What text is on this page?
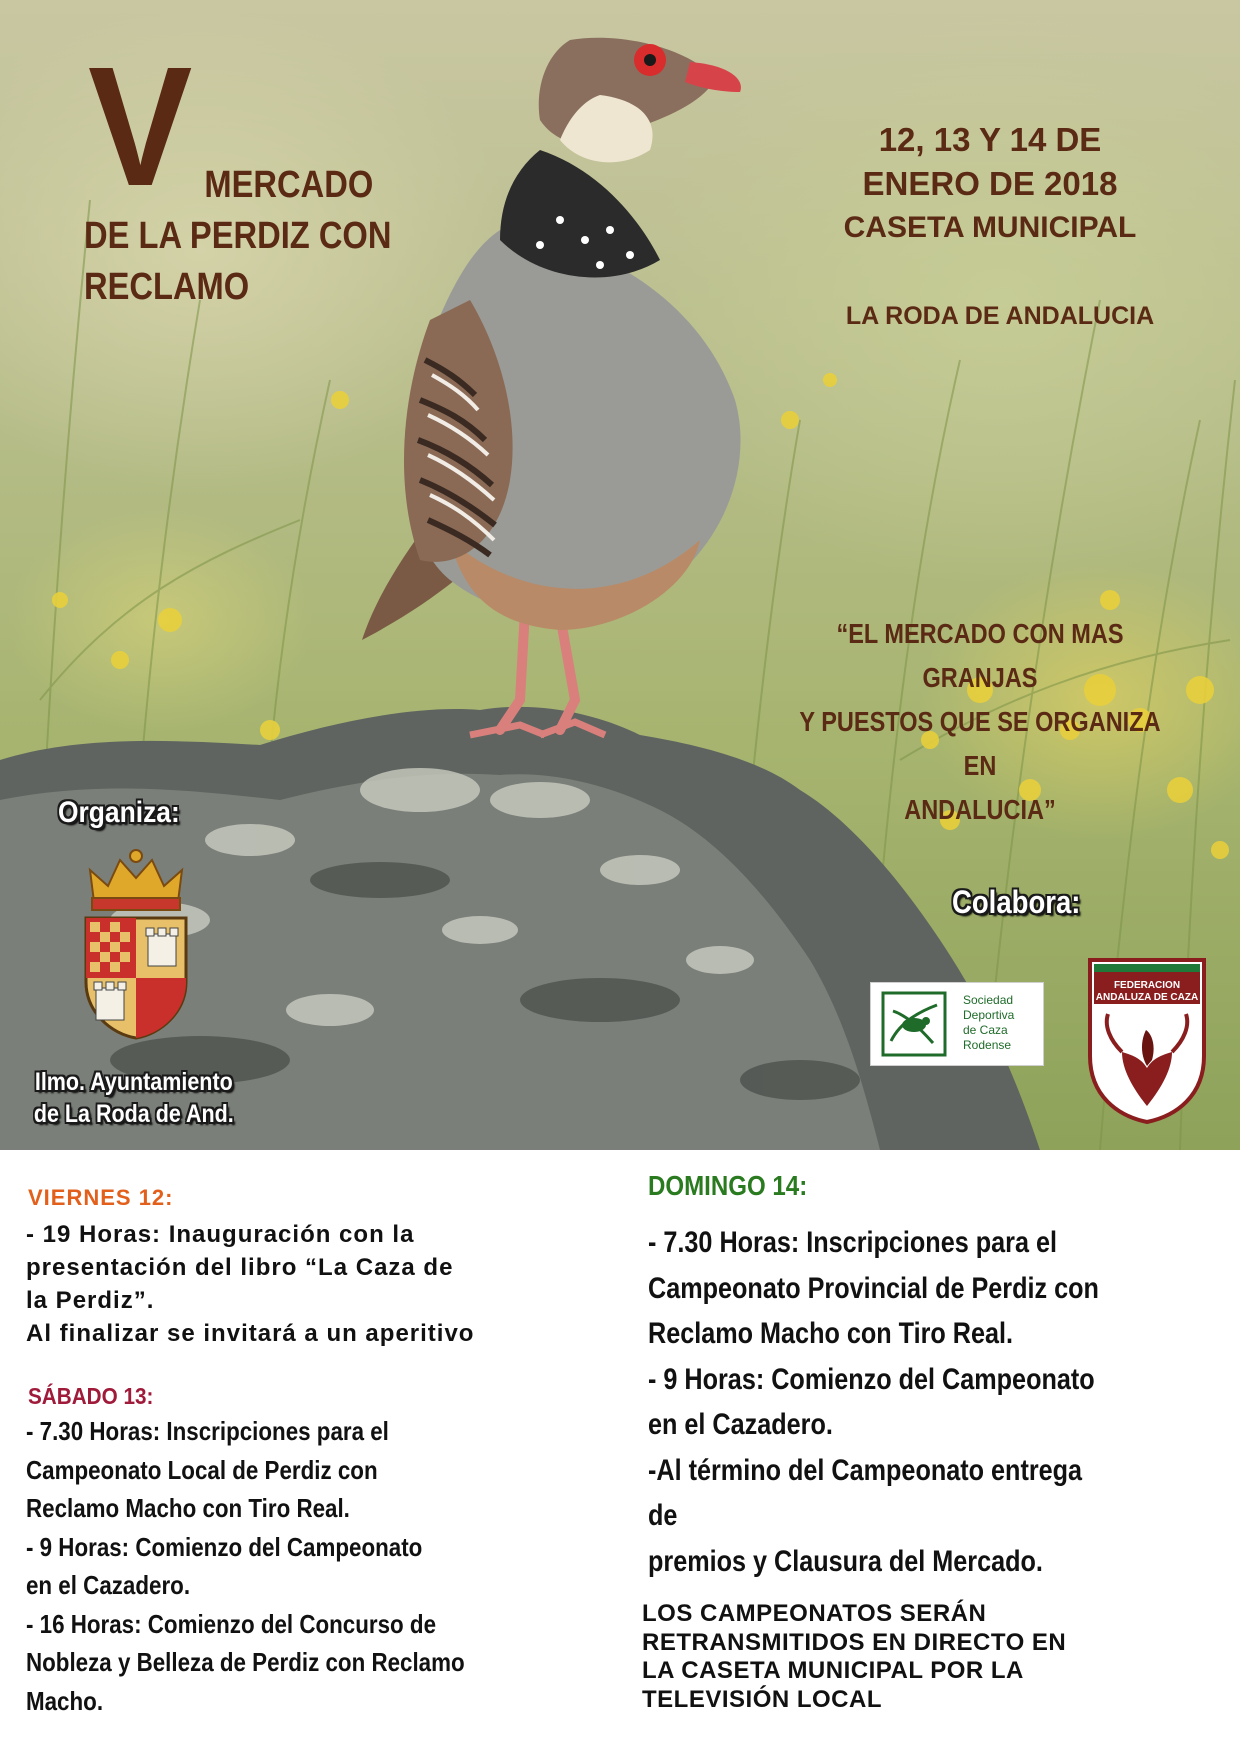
V MERCADO
DE LA PERDIZ CON
RECLAMO
12, 13 Y 14 DE
ENERO DE 2018
CASETA MUNICIPAL
LA RODA DE ANDALUCIA
“EL MERCADO CON MAS GRANJAS
Y PUESTOS QUE SE ORGANIZA EN
ANDALUCIA”
Organiza:
Ilmo. Ayuntamiento
de La Roda de And.
Colabora:
Sociedad
Deportiva
de Caza
Rodense
FEDERACION
ANDALUZA DE CAZA
VIERNES 12:

- 19 Horas: Inauguración con la

presentación del libro “La Caza de

la Perdiz”.

Al finalizar se invitará a un aperitivo

SÁBADO 13:

- 7.30 Horas: Inscripciones para el

Campeonato Local de Perdiz con

Reclamo Macho con Tiro Real.

- 9 Horas: Comienzo del Campeonato

en el Cazadero.

- 16 Horas: Comienzo del Concurso de

Nobleza y Belleza de Perdiz con Reclamo

Macho.

DOMINGO 14:

- 7.30 Horas: Inscripciones para el

Campeonato Provincial de Perdiz con

Reclamo Macho con Tiro Real.

- 9 Horas: Comienzo del Campeonato

en el Cazadero.

-Al término del Campeonato entrega de

premios y Clausura del Mercado.

LOS CAMPEONATOS SERÁN
RETRANSMITIDOS EN DIRECTO EN
LA CASETA MUNICIPAL POR LA
TELEVISIÓN LOCAL
